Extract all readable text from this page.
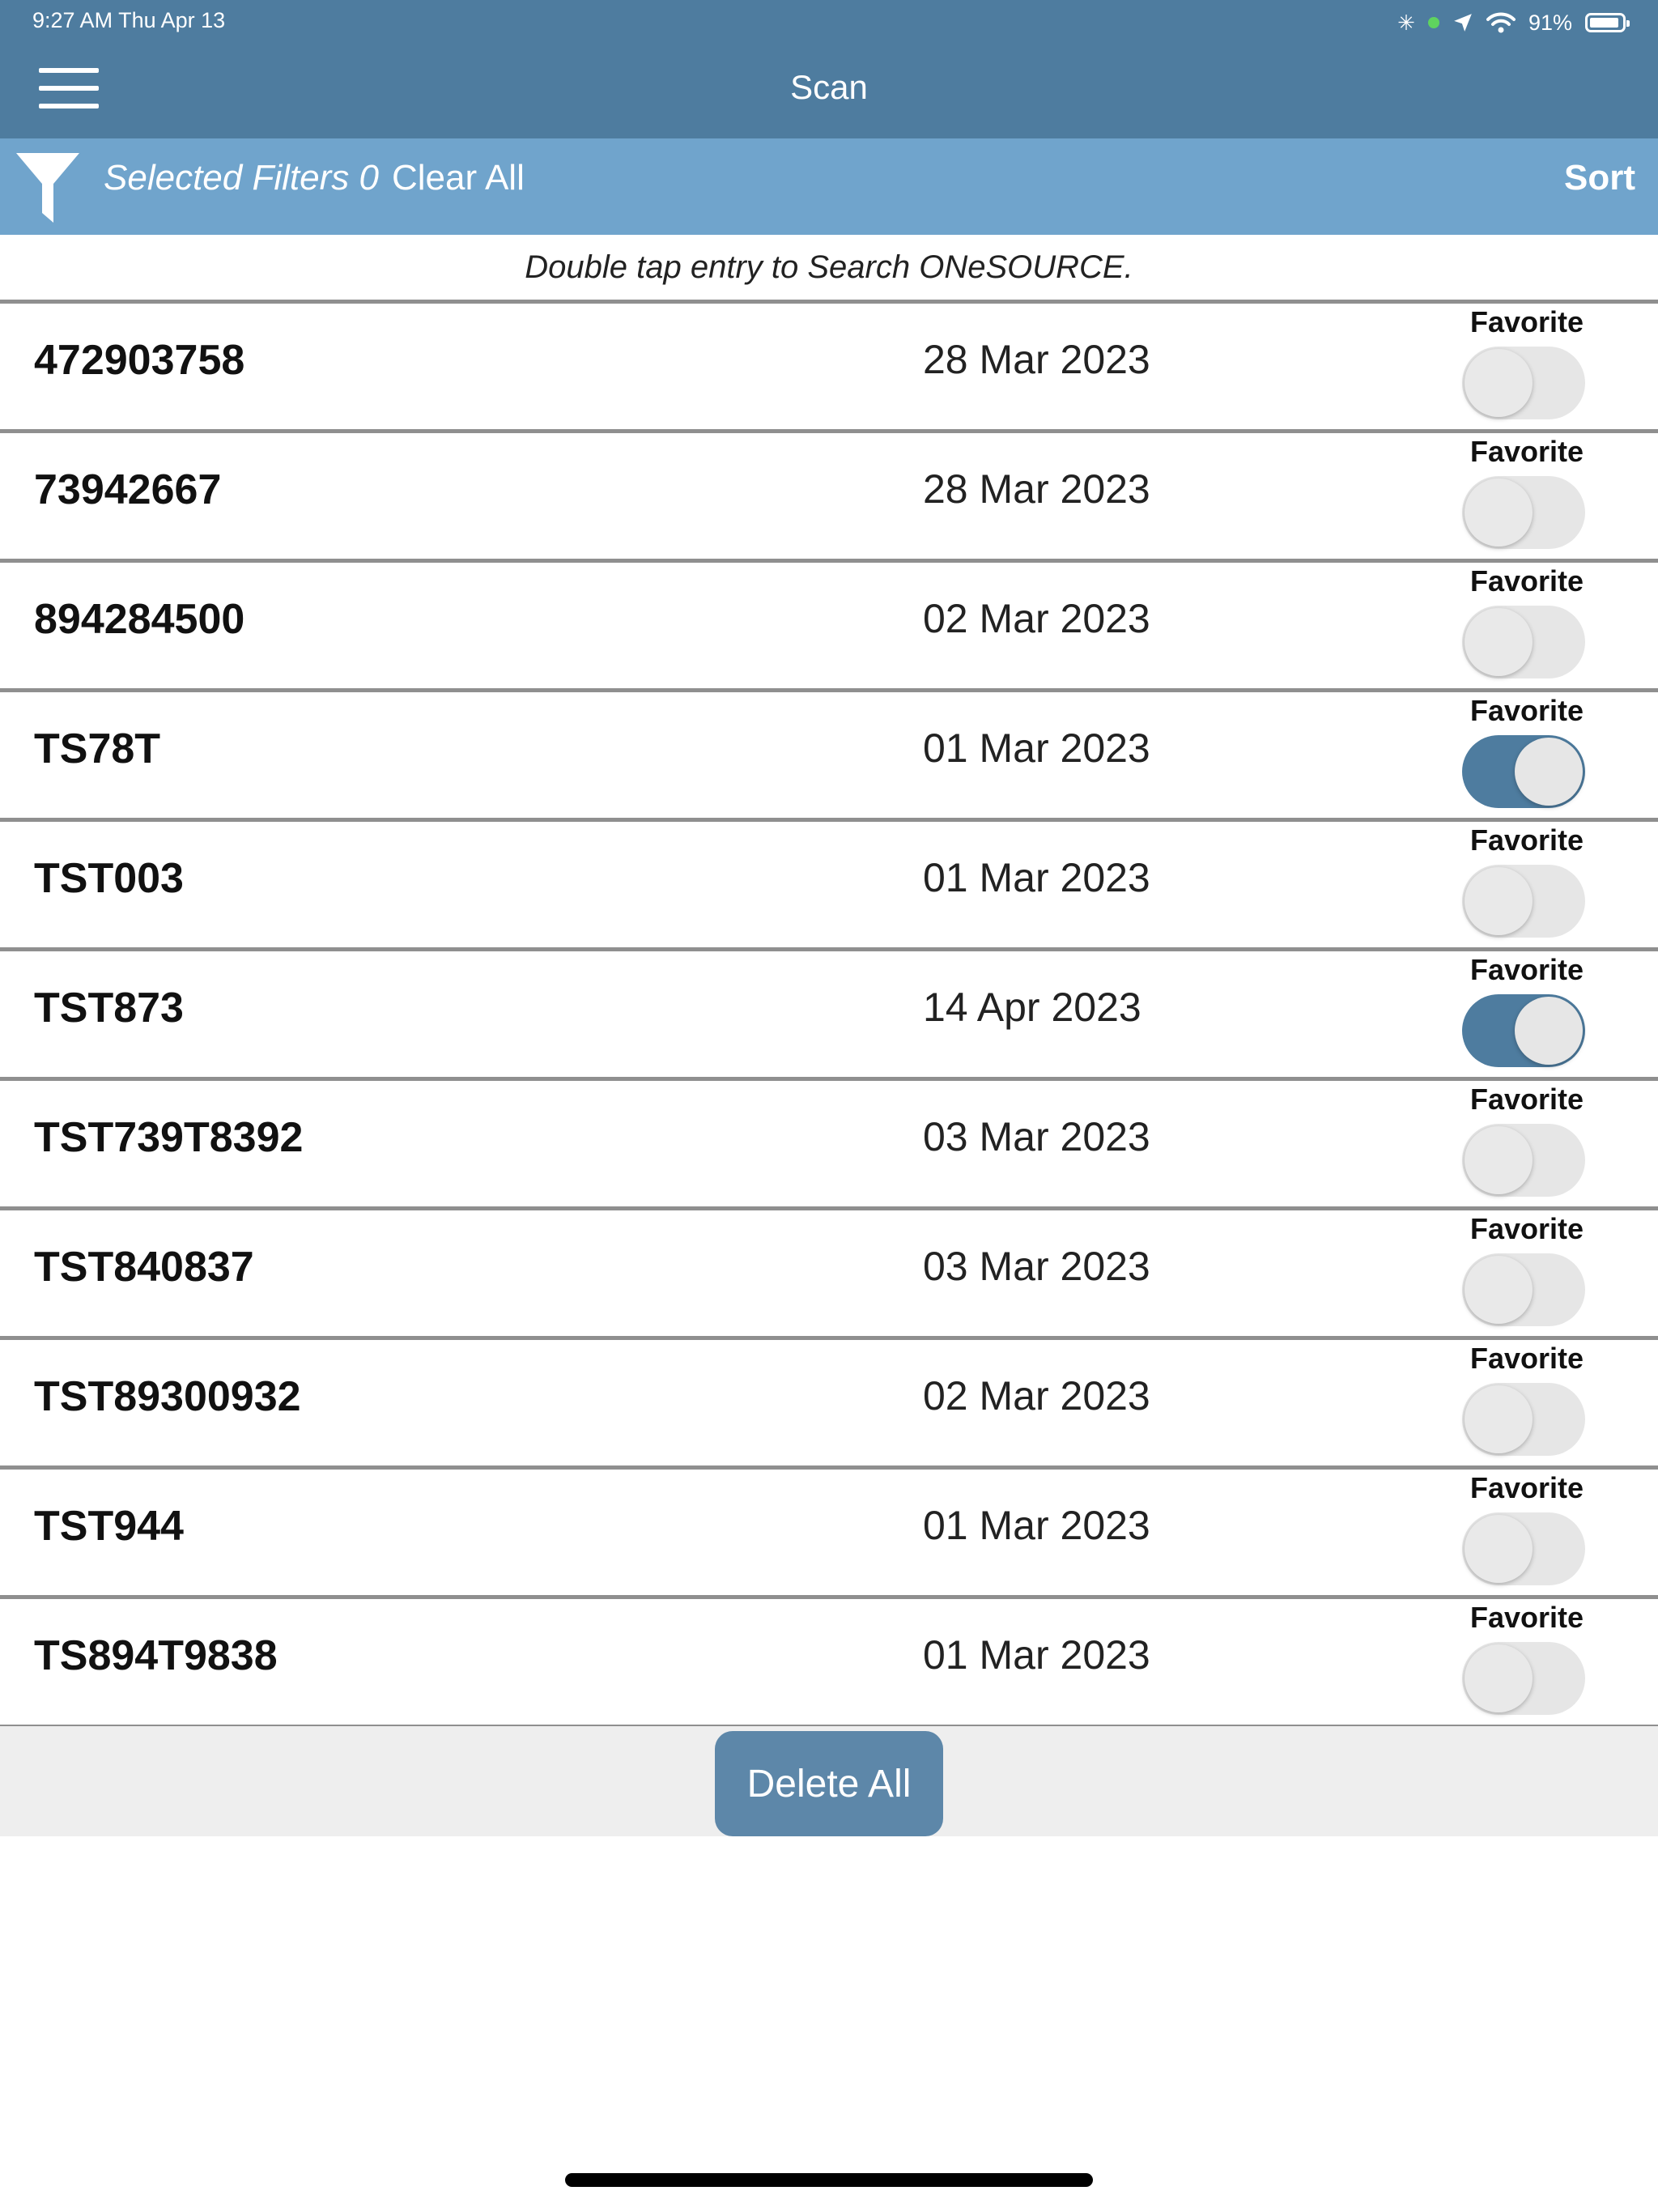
9:27 AM Thu Apr 13	✳	91%
Scan
Selected Filters 0 Clear All	Sort
Double tap entry to Search ONeSOURCE.
472903758	28 Mar 2023
Favorite
73942667	28 Mar 2023
Favorite
894284500	02 Mar 2023
Favorite
TS78T	01 Mar 2023
Favorite
TST003	01 Mar 2023
Favorite
TST873	14 Apr 2023
Favorite
TST739T8392	03 Mar 2023
Favorite
TST840837	03 Mar 2023
Favorite
TST89300932	02 Mar 2023
Favorite
TST944	01 Mar 2023
Favorite
TS894T9838	01 Mar 2023
Favorite
Delete All
